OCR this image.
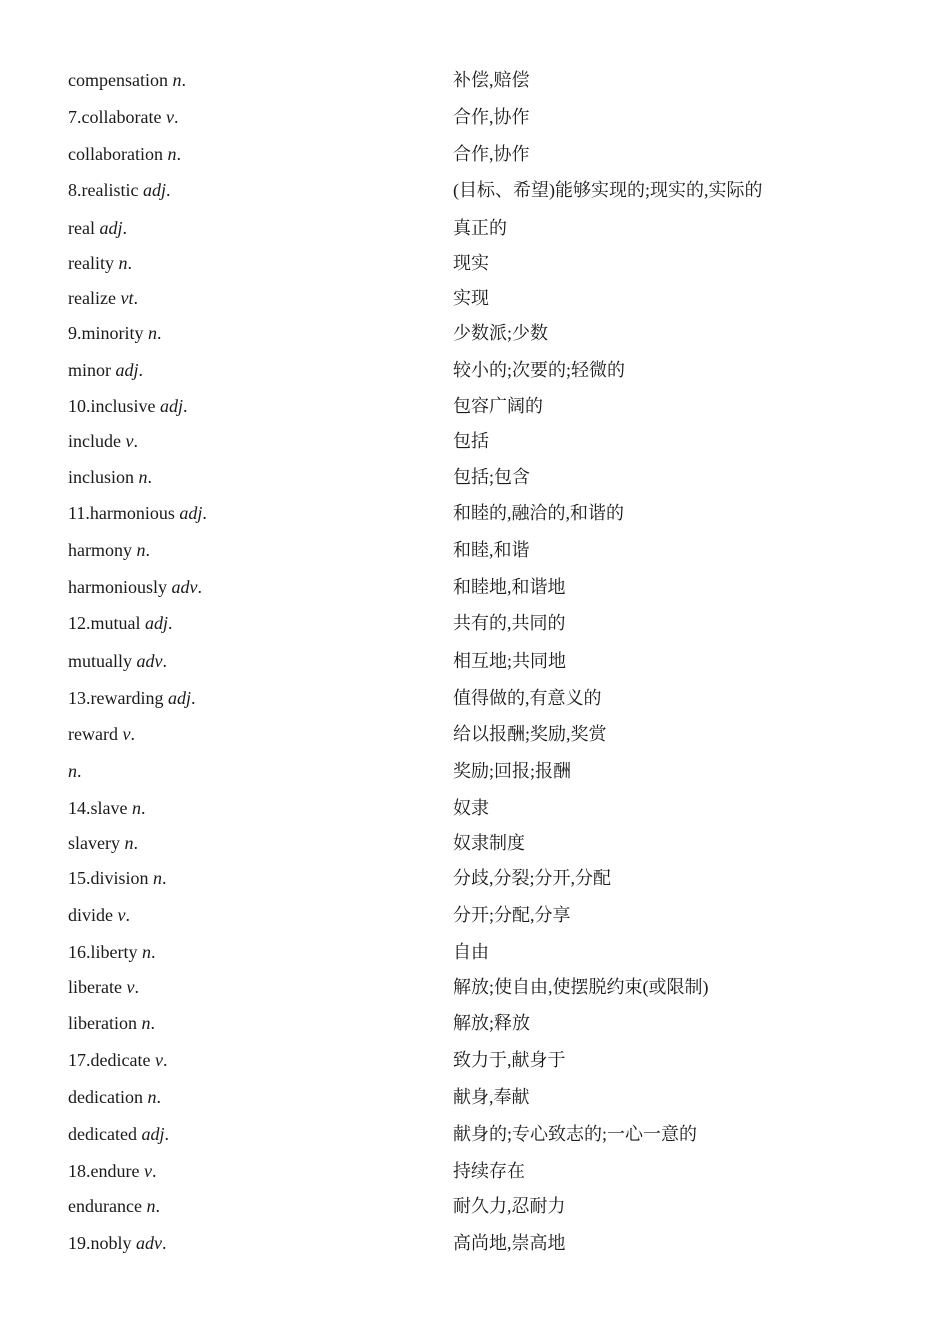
compensation n.	补偿,赔偿
7.collaborate v.	合作,协作
collaboration n.	合作,协作
8.realistic adj.	(目标、希望)能够实现的;现实的,实际的
real adj.	真正的
reality n.	现实
realize vt.	实现
9.minority n.	少数派;少数
minor adj.	较小的;次要的;轻微的
10.inclusive adj.	包容广阔的
include v.	包括
inclusion n.	包括;包含
11.harmonious adj.	和睦的,融洽的,和谐的
harmony n.	和睦,和谐
harmoniously adv.	和睦地,和谐地
12.mutual adj.	共有的,共同的
mutually adv.	相互地;共同地
13.rewarding adj.	值得做的,有意义的
reward v.	给以报酬;奖励,奖赏
n.	奖励;回报;报酬
14.slave n.	奴隶
slavery n.	奴隶制度
15.division n.	分歧,分裂;分开,分配
divide v.	分开;分配,分享
16.liberty n.	自由
liberate v.	解放;使自由,使摆脱约束(或限制)
liberation n.	解放;释放
17.dedicate v.	致力于,献身于
dedication n.	献身,奉献
dedicated adj.	献身的;专心致志的;一心一意的
18.endure v.	持续存在
endurance n.	耐久力,忍耐力
19.nobly adv.	高尚地,崇高地
